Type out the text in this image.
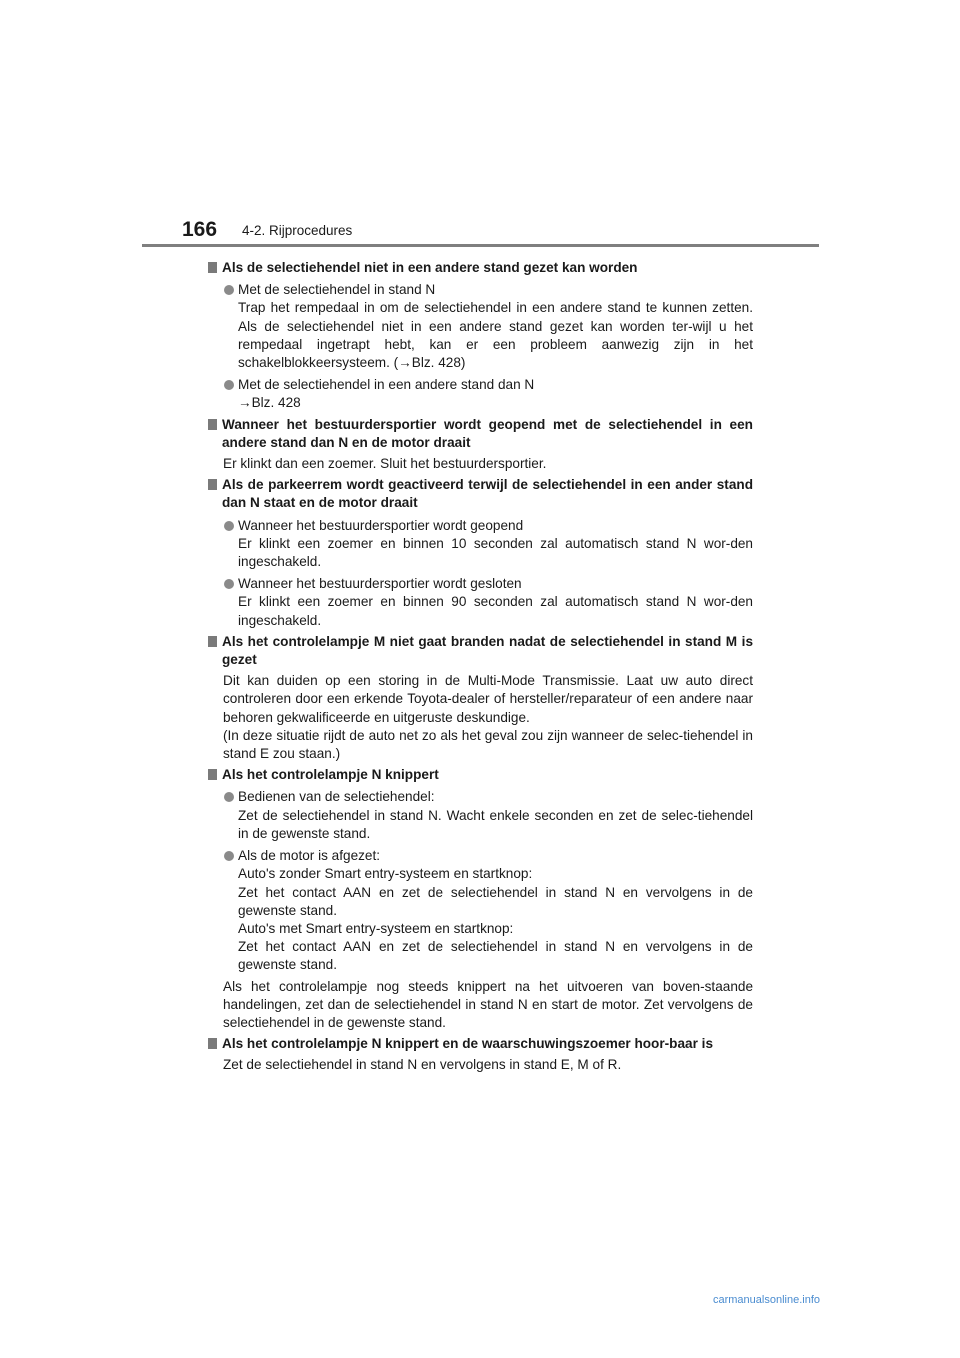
166 4-2. Rijprocedures
Als de selectiehendel niet in een andere stand gezet kan worden
Met de selectiehendel in stand N
Trap het rempedaal in om de selectiehendel in een andere stand te kunnen zetten. Als de selectiehendel niet in een andere stand gezet kan worden ter-wijl u het rempedaal ingetrapt hebt, kan er een probleem aanwezig zijn in het schakelblokkeersysteem. (→Blz. 428)
Met de selectiehendel in een andere stand dan N
→Blz. 428
Wanneer het bestuurdersportier wordt geopend met de selectiehendel in een andere stand dan N en de motor draait
Er klinkt dan een zoemer. Sluit het bestuurdersportier.
Als de parkeerrem wordt geactiveerd terwijl de selectiehendel in een ander stand dan N staat en de motor draait
Wanneer het bestuurdersportier wordt geopend
Er klinkt een zoemer en binnen 10 seconden zal automatisch stand N wor-den ingeschakeld.
Wanneer het bestuurdersportier wordt gesloten
Er klinkt een zoemer en binnen 90 seconden zal automatisch stand N wor-den ingeschakeld.
Als het controlelampje M niet gaat branden nadat de selectiehendel in stand M is gezet
Dit kan duiden op een storing in de Multi-Mode Transmissie. Laat uw auto direct controleren door een erkende Toyota-dealer of hersteller/reparateur of een andere naar behoren gekwalificeerde en uitgeruste deskundige.
(In deze situatie rijdt de auto net zo als het geval zou zijn wanneer de selec-tiehendel in stand E zou staan.)
Als het controlelampje N knippert
Bedienen van de selectiehendel:
Zet de selectiehendel in stand N. Wacht enkele seconden en zet de selec-tiehendel in de gewenste stand.
Als de motor is afgezet:
Auto's zonder Smart entry-systeem en startknop:
Zet het contact AAN en zet de selectiehendel in stand N en vervolgens in de gewenste stand.
Auto's met Smart entry-systeem en startknop:
Zet het contact AAN en zet de selectiehendel in stand N en vervolgens in de gewenste stand.
Als het controlelampje nog steeds knippert na het uitvoeren van boven-staande handelingen, zet dan de selectiehendel in stand N en start de motor. Zet vervolgens de selectiehendel in de gewenste stand.
Als het controlelampje N knippert en de waarschuwingszoemer hoor-baar is
Zet de selectiehendel in stand N en vervolgens in stand E, M of R.
carmanualsonline.info
